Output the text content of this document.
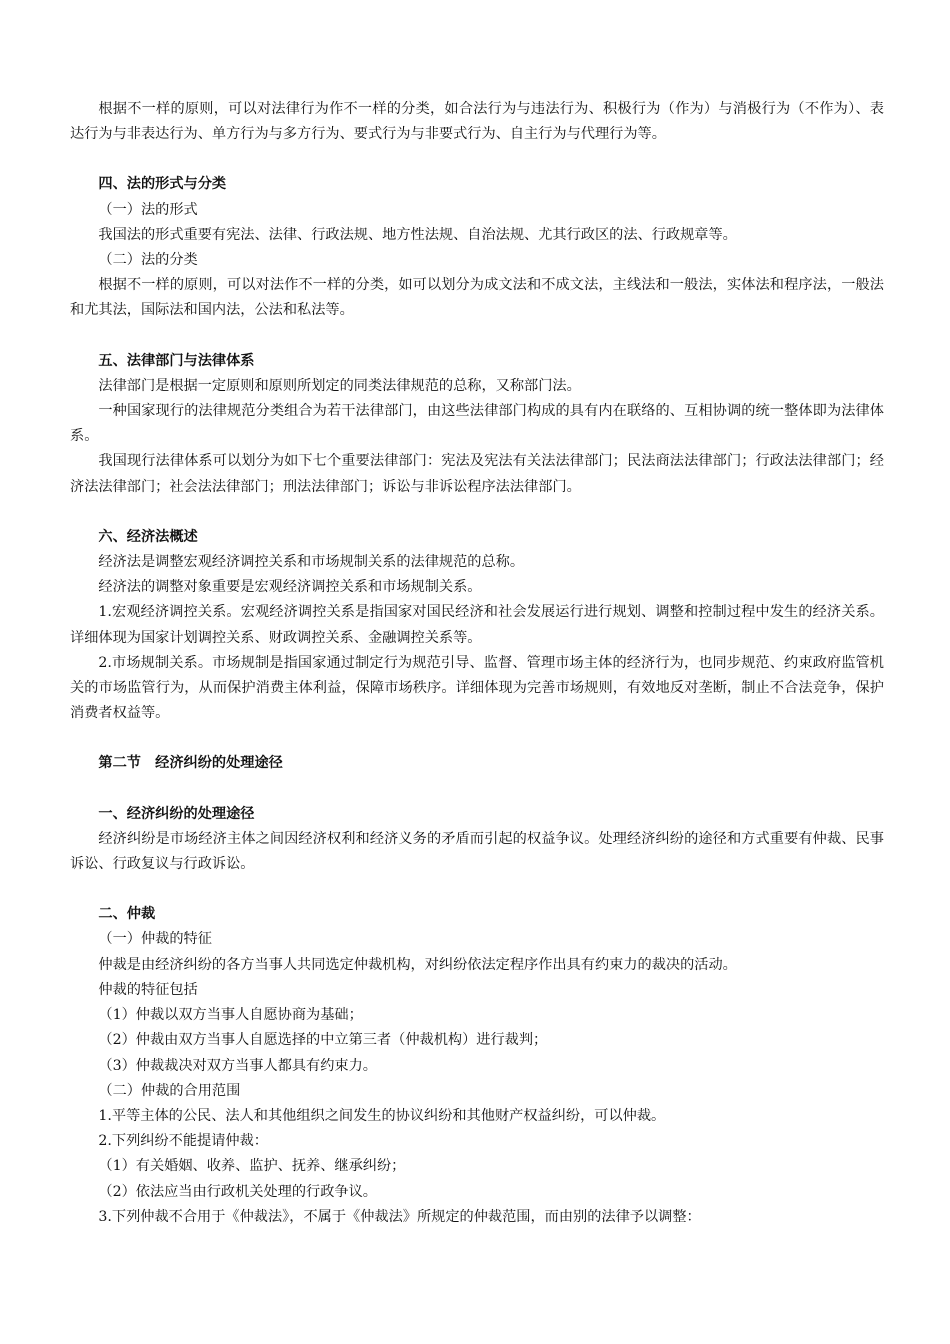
根据不一样的原则，可以对法律行为作不一样的分类，如合法行为与违法行为、积极行为（作为）与消极行为（不作为）、表达行为与非表达行为、单方行为与多方行为、要式行为与非要式行为、自主行为与代理行为等。

四、法的形式与分类

（一）法的形式

我国法的形式重要有宪法、法律、行政法规、地方性法规、自治法规、尤其行政区的法、行政规章等。

（二）法的分类

根据不一样的原则，可以对法作不一样的分类，如可以划分为成文法和不成文法，主线法和一般法，实体法和程序法，一般法和尤其法，国际法和国内法，公法和私法等。

五、法律部门与法律体系

法律部门是根据一定原则和原则所划定的同类法律规范的总称，又称部门法。

一种国家现行的法律规范分类组合为若干法律部门，由这些法律部门构成的具有内在联络的、互相协调的统一整体即为法律体系。

我国现行法律体系可以划分为如下七个重要法律部门：宪法及宪法有关法法律部门；民法商法法律部门；行政法法律部门；经济法法律部门；社会法法律部门；刑法法律部门；诉讼与非诉讼程序法法律部门。

六、经济法概述

经济法是调整宏观经济调控关系和市场规制关系的法律规范的总称。

经济法的调整对象重要是宏观经济调控关系和市场规制关系。

1.宏观经济调控关系。宏观经济调控关系是指国家对国民经济和社会发展运行进行规划、调整和控制过程中发生的经济关系。详细体现为国家计划调控关系、财政调控关系、金融调控关系等。

2.市场规制关系。市场规制是指国家通过制定行为规范引导、监督、管理市场主体的经济行为，也同步规范、约束政府监管机关的市场监管行为，从而保护消费主体利益，保障市场秩序。详细体现为完善市场规则，有效地反对垄断，制止不合法竞争，保护消费者权益等。

第二节　经济纠纷的处理途径

一、经济纠纷的处理途径

经济纠纷是市场经济主体之间因经济权利和经济义务的矛盾而引起的权益争议。处理经济纠纷的途径和方式重要有仲裁、民事诉讼、行政复议与行政诉讼。

二、仲裁

（一）仲裁的特征

仲裁是由经济纠纷的各方当事人共同选定仲裁机构，对纠纷依法定程序作出具有约束力的裁决的活动。

仲裁的特征包括

（1）仲裁以双方当事人自愿协商为基础；

（2）仲裁由双方当事人自愿选择的中立第三者（仲裁机构）进行裁判；

（3）仲裁裁决对双方当事人都具有约束力。

（二）仲裁的合用范围

1.平等主体的公民、法人和其他组织之间发生的协议纠纷和其他财产权益纠纷，可以仲裁。

2.下列纠纷不能提请仲裁：

（1）有关婚姻、收养、监护、抚养、继承纠纷；

（2）依法应当由行政机关处理的行政争议。

3.下列仲裁不合用于《仲裁法》，不属于《仲裁法》所规定的仲裁范围，而由别的法律予以调整：
